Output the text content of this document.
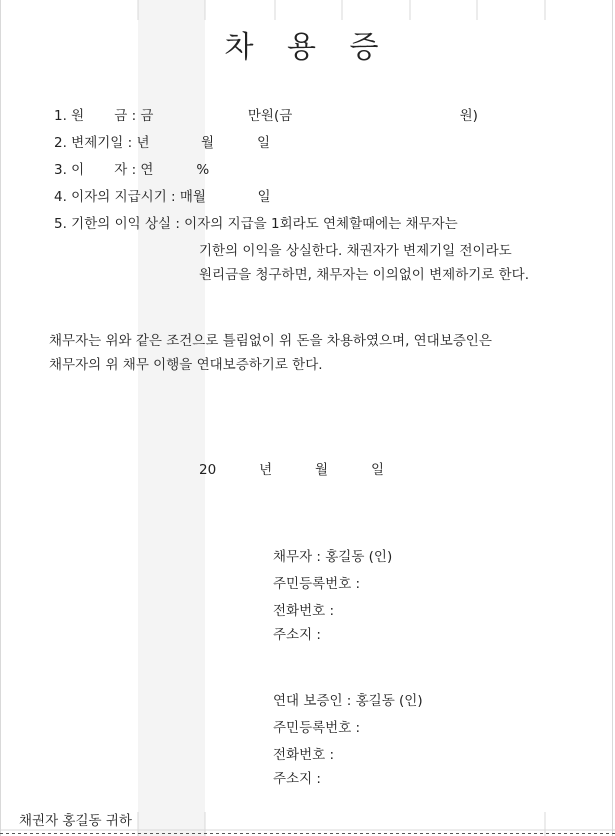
차 용 증
1. 원       금 : 금                      만원(금                                       원)
2. 변제기일 : 년            월          일
3. 이       자 : 연          %
4. 이자의 지급시기 : 매월            일
5. 기한의 이익 상실 : 이자의 지급을 1회라도 연체할때에는 채무자는
기한의 이익을 상실한다. 채권자가 변제기일 전이라도
원리금을 청구하면, 채무자는 이의없이 변제하기로 한다.
채무자는 위와 같은 조건으로 틀림없이 위 돈을 차용하였으며, 연대보증인은
채무자의 위 채무 이행을 연대보증하기로 한다.
20          년          월          일
채무자 : 홍길동 (인)
주민등록번호 :
전화번호 :
주소지 :
연대 보증인 : 홍길동 (인)
주민등록번호 :
전화번호 :
주소지 :
채권자 홍길동 귀하
